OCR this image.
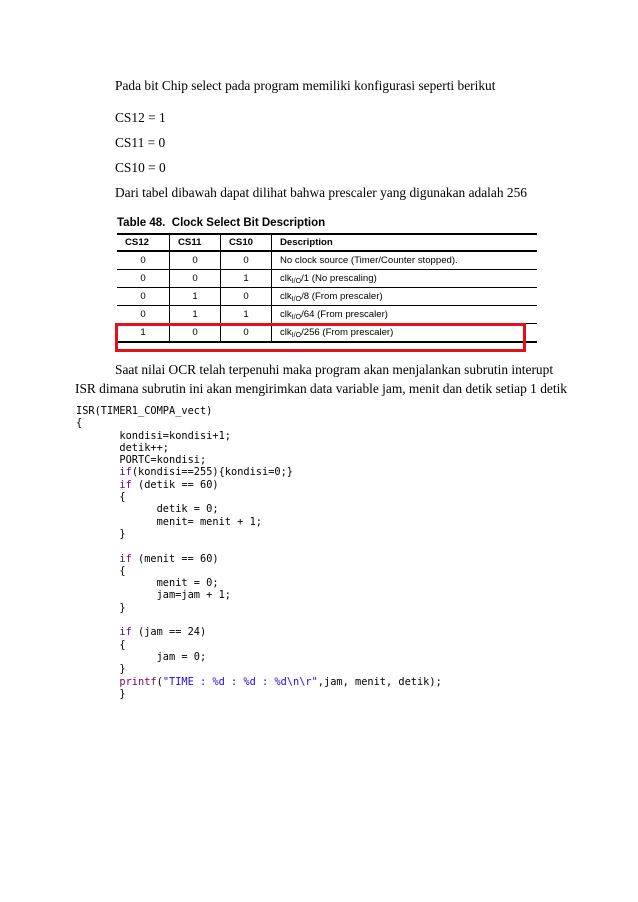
Pada bit Chip select pada program memiliki konfigurasi seperti berikut
CS12 = 1
CS11 = 0
CS10 = 0
Dari tabel dibawah dapat dilihat bahwa prescaler yang digunakan adalah 256
Table 48. Clock Select Bit Description
CS12	CS11	CS10	Description
0	0	0	No clock source (Timer/Counter stopped).
0	0	1	clk$_{I/O}$/1 (No prescaling)
0	1	0	clk$_{I/O}$/8 (From prescaler)
0	1	1	clk$_{I/O}$/64 (From prescaler)
1	0	0	clk$_{I/O}$/256 (From prescaler)
Saat nilai OCR telah terpenuhi maka program akan menjalankan subrutin interupt ISR dimana subrutin ini akan mengirimkan data variable jam, menit dan detik setiap 1 detik
ISR(TIMER1_COMPA_vect)
{
kondisi=kondisi+1;
detik++;
PORTC=kondisi;
if(kondisi==255){kondisi=0;}
if (detik == 60)
{
detik = 0;
menit= menit + 1;
}
if (menit == 60)
{
menit = 0;
jam=jam + 1;
}
if (jam == 24)
{
jam = 0;
}
printf("TIME : %d : %d : %d\n\r",jam, menit, detik);
}
